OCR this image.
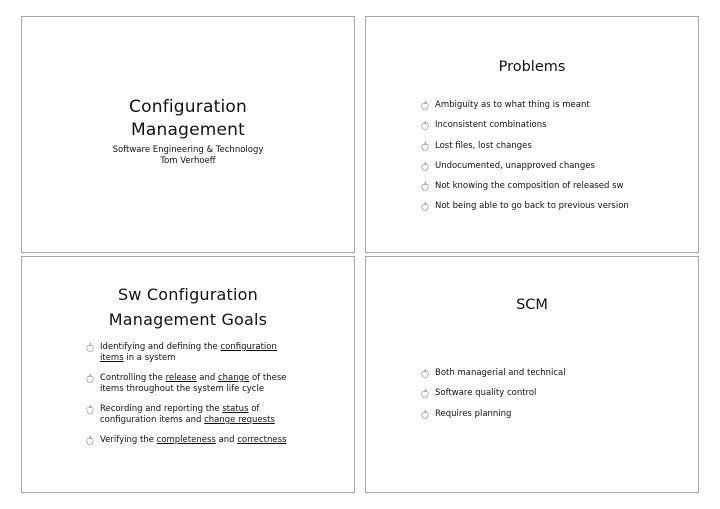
Configuration
Management
Software Engineering & Technology
Tom Verhoeff
Problems
Ambiguity as to what thing is meant
Inconsistent combinations
Lost files, lost changes
Undocumented, unapproved changes
Not knowing the composition of released sw
Not being able to go back to previous version
Sw Configuration
Management Goals
Identifying and defining the configuration
items in a system
Controlling the release and change of these
items throughout the system life cycle
Recording and reporting the status of
configuration items and change requests
Verifying the completeness and correctness
SCM
Both managerial and technical
Software quality control
Requires planning
